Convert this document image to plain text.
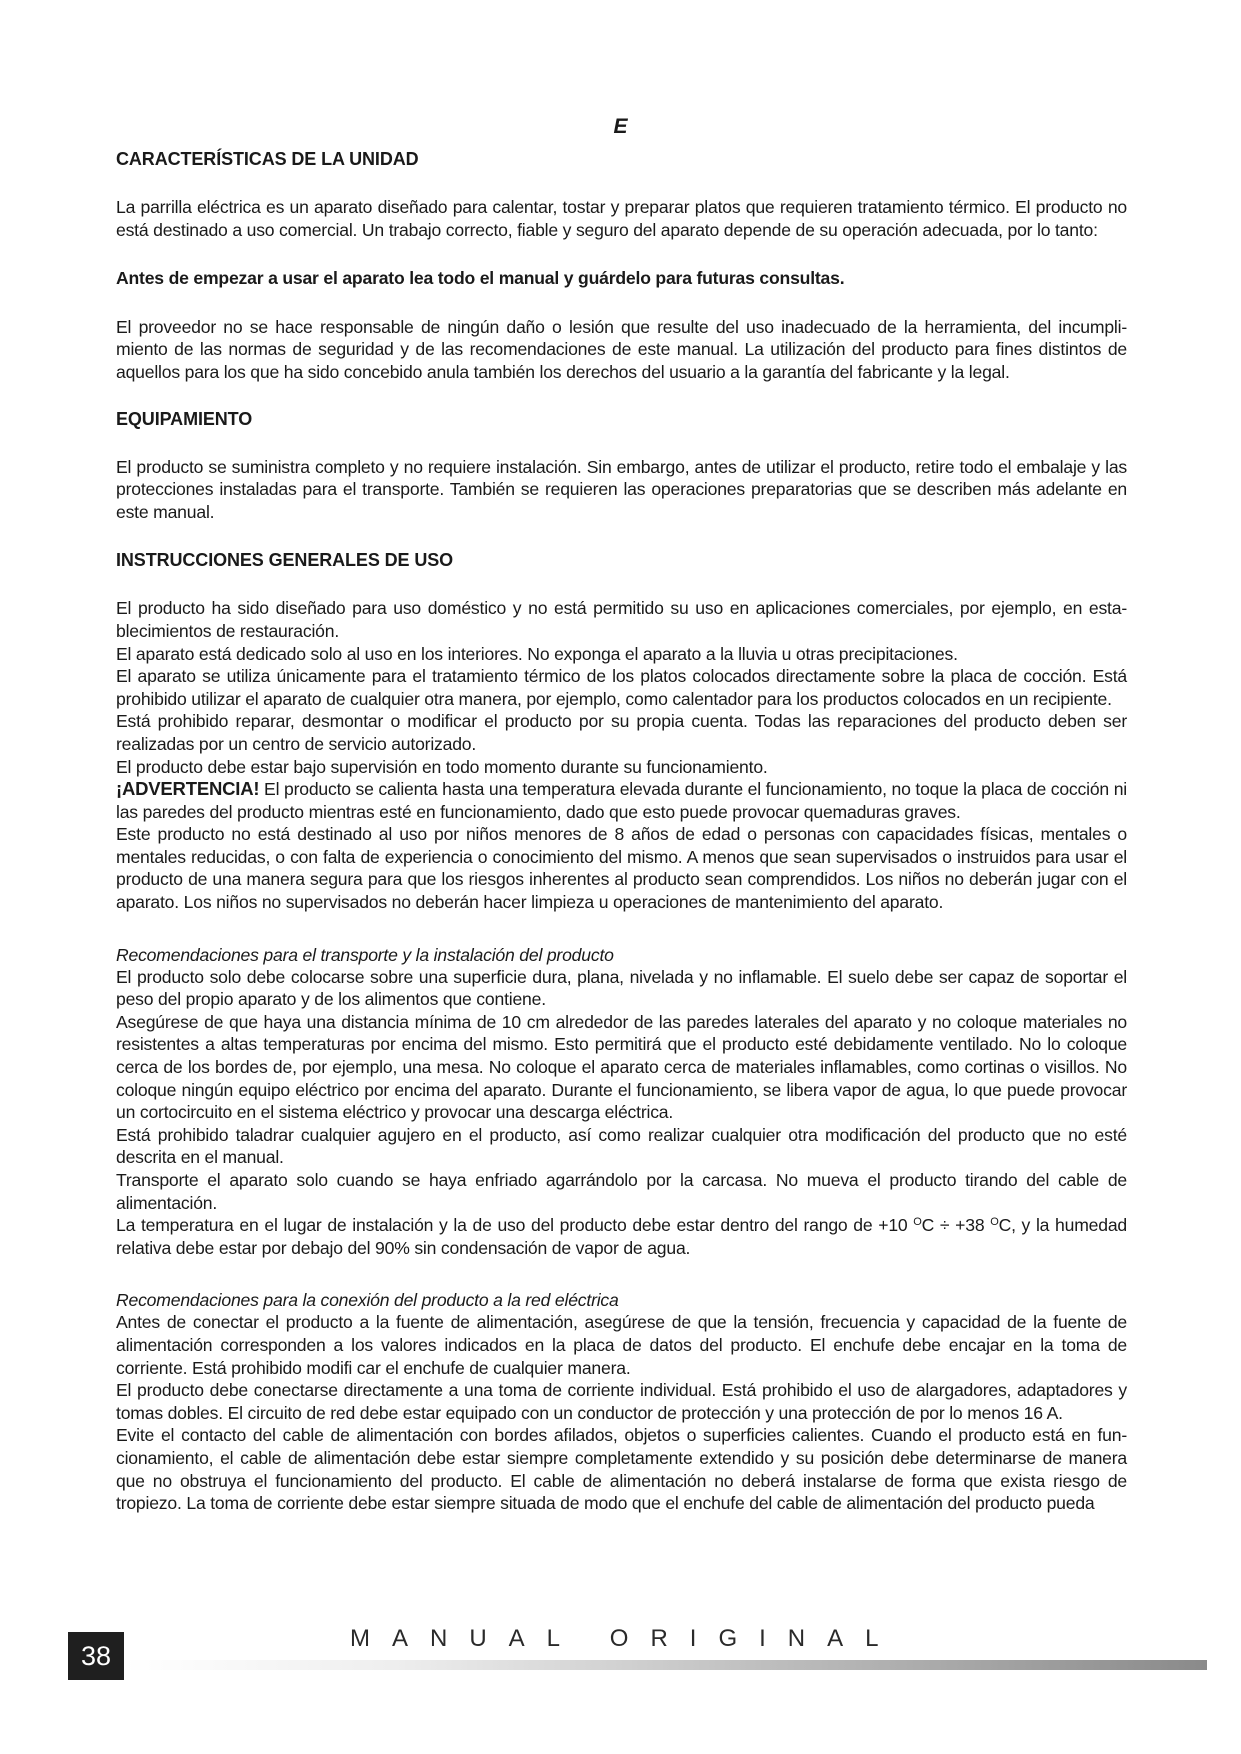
E
CARACTERÍSTICAS DE LA UNIDAD

La parrilla eléctrica es un aparato diseñado para calentar, tostar y preparar platos que requieren tratamiento térmico. El producto no está destinado a uso comercial. Un trabajo correcto, fiable y seguro del aparato depende de su operación adecuada, por lo tanto:

Antes de empezar a usar el aparato lea todo el manual y guárdelo para futuras consultas.

El proveedor no se hace responsable de ningún daño o lesión que resulte del uso inadecuado de la herramienta, del incumpli- miento de las normas de seguridad y de las recomendaciones de este manual. La utilización del producto para fines distintos de aquellos para los que ha sido concebido anula también los derechos del usuario a la garantía del fabricante y la legal.

EQUIPAMIENTO

El producto se suministra completo y no requiere instalación. Sin embargo, antes de utilizar el producto, retire todo el embalaje y las protecciones instaladas para el transporte. También se requieren las operaciones preparatorias que se describen más adelante en este manual.

INSTRUCCIONES GENERALES DE USO

El producto ha sido diseñado para uso doméstico y no está permitido su uso en aplicaciones comerciales, por ejemplo, en esta- blecimientos de restauración.

El aparato está dedicado solo al uso en los interiores. No exponga el aparato a la lluvia u otras precipitaciones.

El aparato se utiliza únicamente para el tratamiento térmico de los platos colocados directamente sobre la placa de cocción. Está prohibido utilizar el aparato de cualquier otra manera, por ejemplo, como calentador para los productos colocados en un recipiente.

Está prohibido reparar, desmontar o modificar el producto por su propia cuenta. Todas las reparaciones del producto deben ser realizadas por un centro de servicio autorizado.

El producto debe estar bajo supervisión en todo momento durante su funcionamiento.

¡ADVERTENCIA! El producto se calienta hasta una temperatura elevada durante el funcionamiento, no toque la placa de cocción ni las paredes del producto mientras esté en funcionamiento, dado que esto puede provocar quemaduras graves.

Este producto no está destinado al uso por niños menores de 8 años de edad o personas con capacidades físicas, mentales o mentales reducidas, o con falta de experiencia o conocimiento del mismo. A menos que sean supervisados o instruidos para usar el producto de una manera segura para que los riesgos inherentes al producto sean comprendidos. Los niños no deberán jugar con el aparato. Los niños no supervisados no deberán hacer limpieza u operaciones de mantenimiento del aparato.

Recomendaciones para el transporte y la instalación del producto

El producto solo debe colocarse sobre una superficie dura, plana, nivelada y no inflamable. El suelo debe ser capaz de soportar el peso del propio aparato y de los alimentos que contiene.

Asegúrese de que haya una distancia mínima de 10 cm alrededor de las paredes laterales del aparato y no coloque materiales no resistentes a altas temperaturas por encima del mismo. Esto permitirá que el producto esté debidamente ventilado. No lo coloque cerca de los bordes de, por ejemplo, una mesa. No coloque el aparato cerca de materiales inflamables, como cortinas o visillos. No coloque ningún equipo eléctrico por encima del aparato. Durante el funcionamiento, se libera vapor de agua, lo que puede provocar un cortocircuito en el sistema eléctrico y provocar una descarga eléctrica.

Está prohibido taladrar cualquier agujero en el producto, así como realizar cualquier otra modificación del producto que no esté descrita en el manual.

Transporte el aparato solo cuando se haya enfriado agarrándolo por la carcasa. No mueva el producto tirando del cable de alimentación.

La temperatura en el lugar de instalación y la de uso del producto debe estar dentro del rango de +10 $^O$C ÷ +38 $^O$C, y la humedad relativa debe estar por debajo del 90% sin condensación de vapor de agua.

Recomendaciones para la conexión del producto a la red eléctrica

Antes de conectar el producto a la fuente de alimentación, asegúrese de que la tensión, frecuencia y capacidad de la fuente de alimentación corresponden a los valores indicados en la placa de datos del producto. El enchufe debe encajar en la toma de corriente. Está prohibido modifi car el enchufe de cualquier manera.

El producto debe conectarse directamente a una toma de corriente individual. Está prohibido el uso de alargadores, adaptadores y tomas dobles. El circuito de red debe estar equipado con un conductor de protección y una protección de por lo menos 16 A.

Evite el contacto del cable de alimentación con bordes afilados, objetos o superficies calientes. Cuando el producto está en fun- cionamiento, el cable de alimentación debe estar siempre completamente extendido y su posición debe determinarse de manera que no obstruya el funcionamiento del producto. El cable de alimentación no deberá instalarse de forma que exista riesgo de tropiezo. La toma de corriente debe estar siempre situada de modo que el enchufe del cable de alimentación del producto pueda

38
MANUAL ORIGINAL
